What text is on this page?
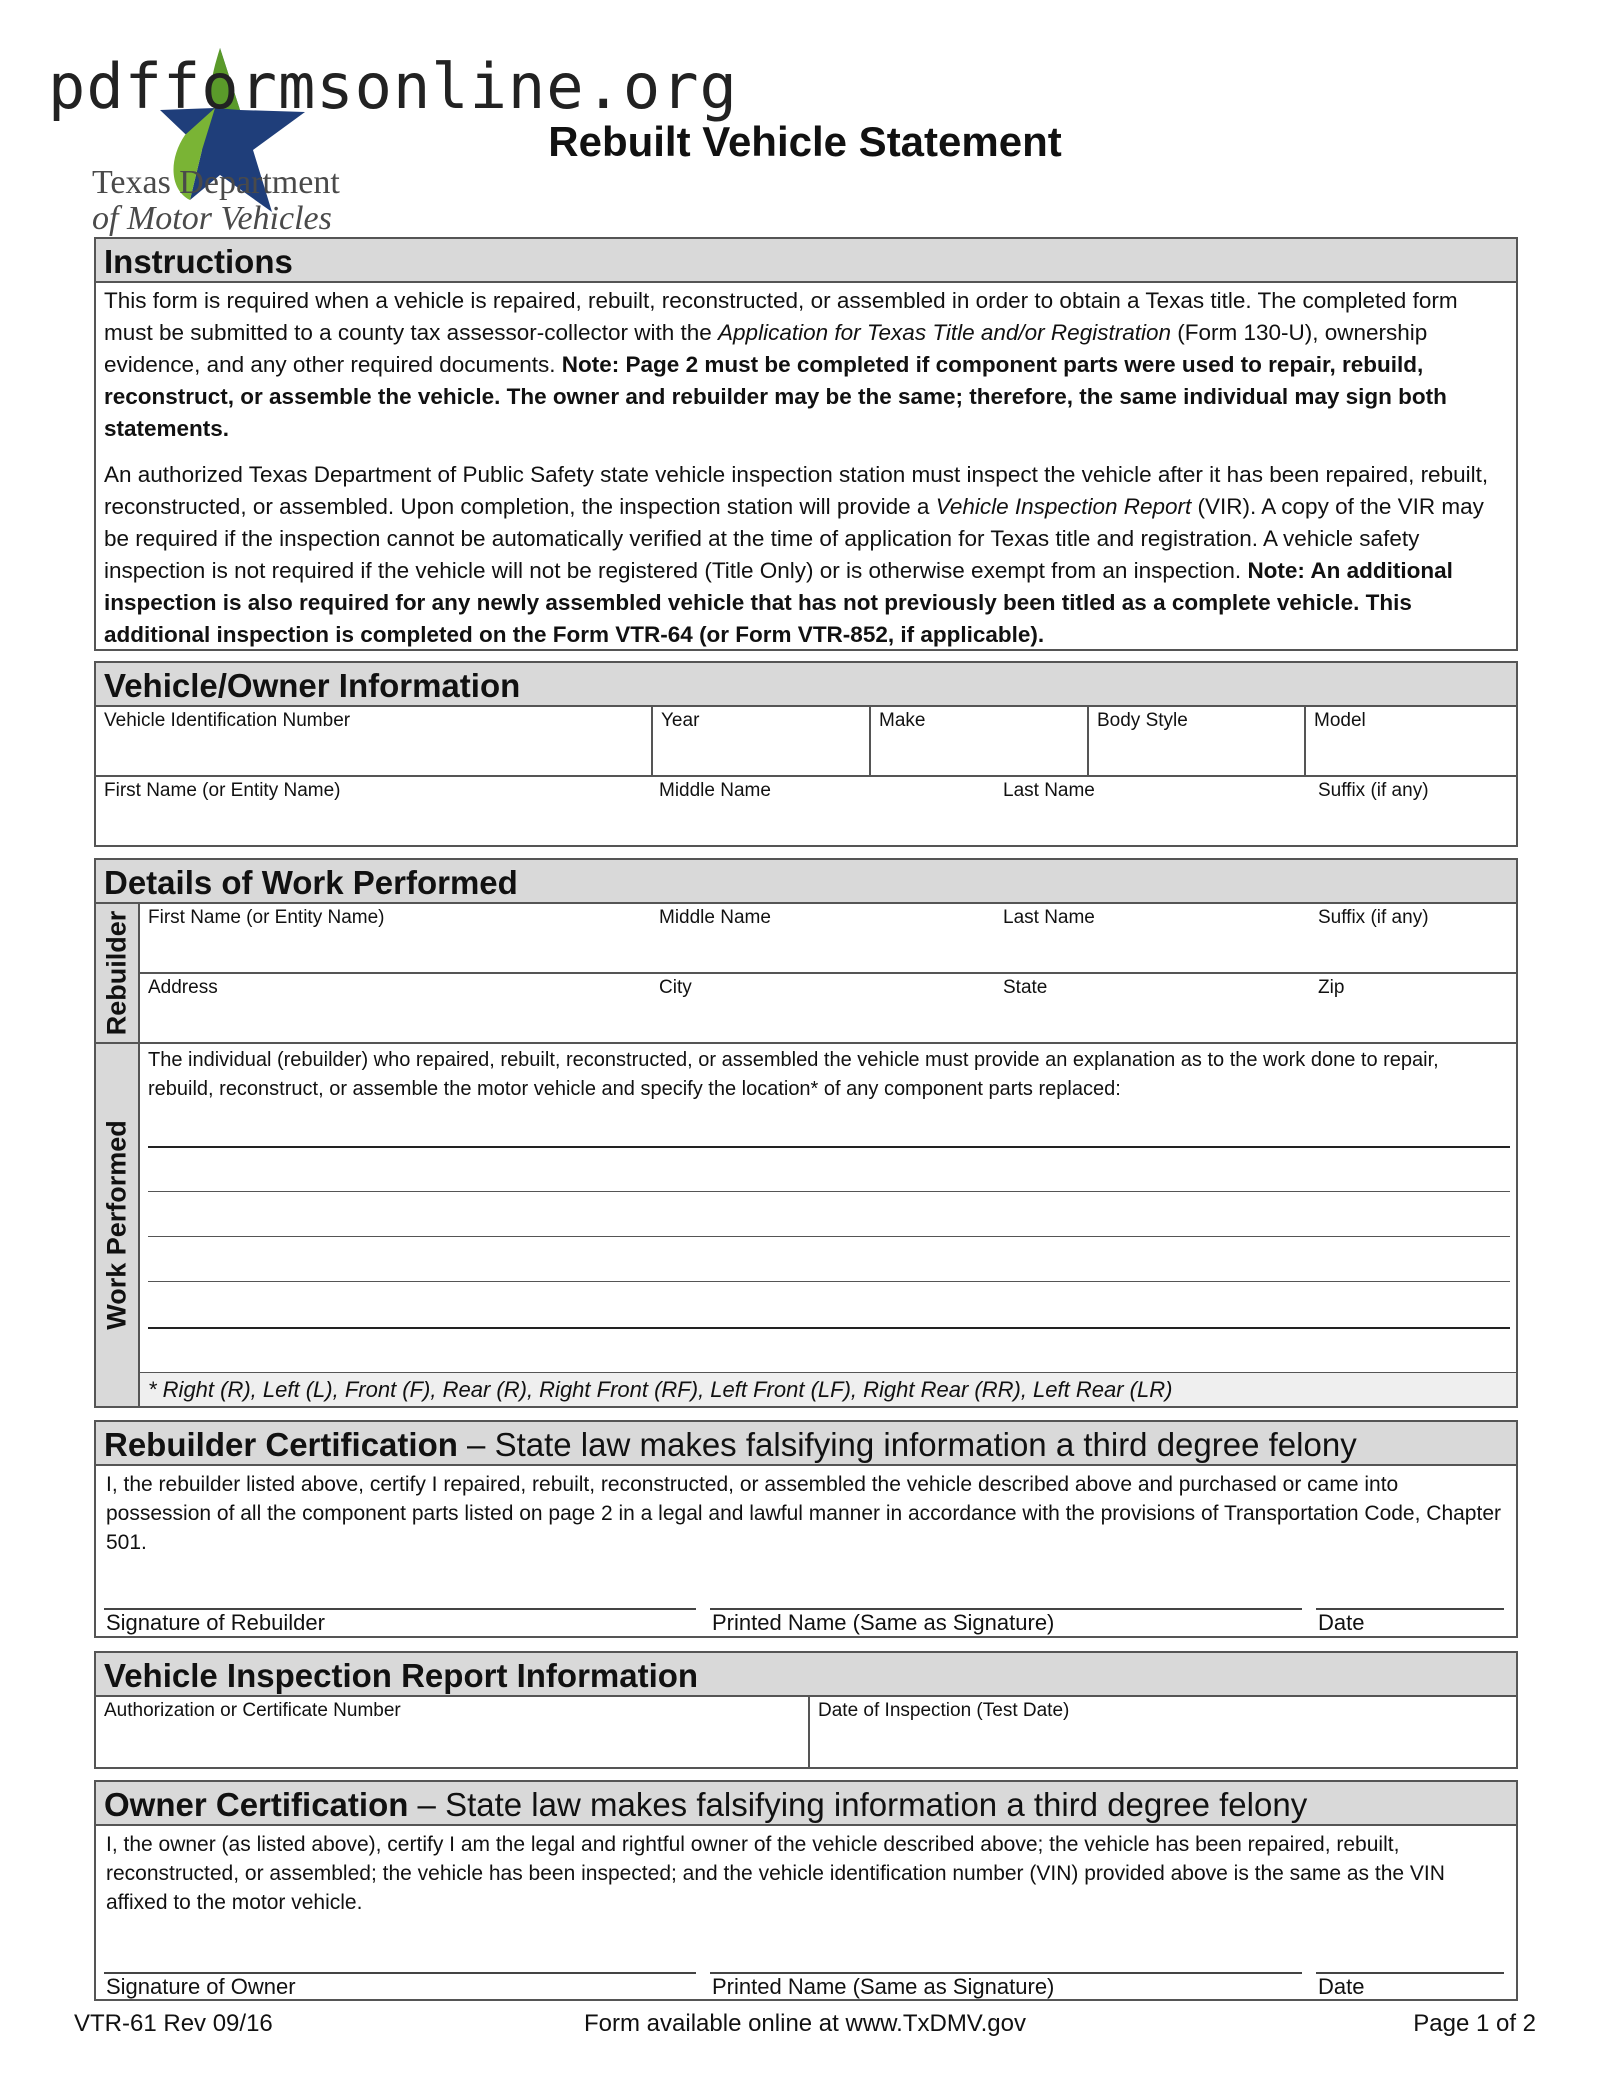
pdfformsonline.org
Texas Department
of Motor Vehicles
Rebuilt Vehicle Statement
Instructions

This form is required when a vehicle is repaired, rebuilt, reconstructed, or assembled in order to obtain a Texas title. The completed form must be submitted to a county tax assessor-collector with the Application for Texas Title and/or Registration (Form 130-U), ownership evidence, and any other required documents. Note: Page 2 must be completed if component parts were used to repair, rebuild, reconstruct, or assemble the vehicle. The owner and rebuilder may be the same; therefore, the same individual may sign both statements.

An authorized Texas Department of Public Safety state vehicle inspection station must inspect the vehicle after it has been repaired, rebuilt, reconstructed, or assembled. Upon completion, the inspection station will provide a Vehicle Inspection Report (VIR). A copy of the VIR may be required if the inspection cannot be automatically verified at the time of application for Texas title and registration. A vehicle safety inspection is not required if the vehicle will not be registered (Title Only) or is otherwise exempt from an inspection. Note: An additional inspection is also required for any newly assembled vehicle that has not previously been titled as a complete vehicle. This additional inspection is completed on the Form VTR-64 (or Form VTR-852, if applicable).

Vehicle/Owner Information
Vehicle Identification Number	Year	Make	Body Style	Model
First Name (or Entity Name)	Middle Name	Last Name	Suffix (if any)
Details of Work Performed
Rebuilder
Work Performed
First Name (or Entity Name)	Middle Name	Last Name	Suffix (if any)
Address	City	State	Zip
The individual (rebuilder) who repaired, rebuilt, reconstructed, or assembled the vehicle must provide an explanation as to the work done to repair, rebuild, reconstruct, or assemble the motor vehicle and specify the location* of any component parts replaced:
* Right (R), Left (L), Front (F), Rear (R), Right Front (RF), Left Front (LF), Right Rear (RR), Left Rear (LR)
Rebuilder Certification – State law makes falsifying information a third degree felony
I, the rebuilder listed above, certify I repaired, rebuilt, reconstructed, or assembled the vehicle described above and purchased or came into possession of all the component parts listed on page 2 in a legal and lawful manner in accordance with the provisions of Transportation Code, Chapter 501.
Signature of Rebuilder	Printed Name (Same as Signature)	Date
Vehicle Inspection Report Information
Authorization or Certificate Number	Date of Inspection (Test Date)
Owner Certification – State law makes falsifying information a third degree felony
I, the owner (as listed above), certify I am the legal and rightful owner of the vehicle described above; the vehicle has been repaired, rebuilt, reconstructed, or assembled; the vehicle has been inspected; and the vehicle identification number (VIN) provided above is the same as the VIN affixed to the motor vehicle.
Signature of Owner	Printed Name (Same as Signature)	Date
VTR-61 Rev 09/16	Form available online at www.TxDMV.gov	Page 1 of 2
